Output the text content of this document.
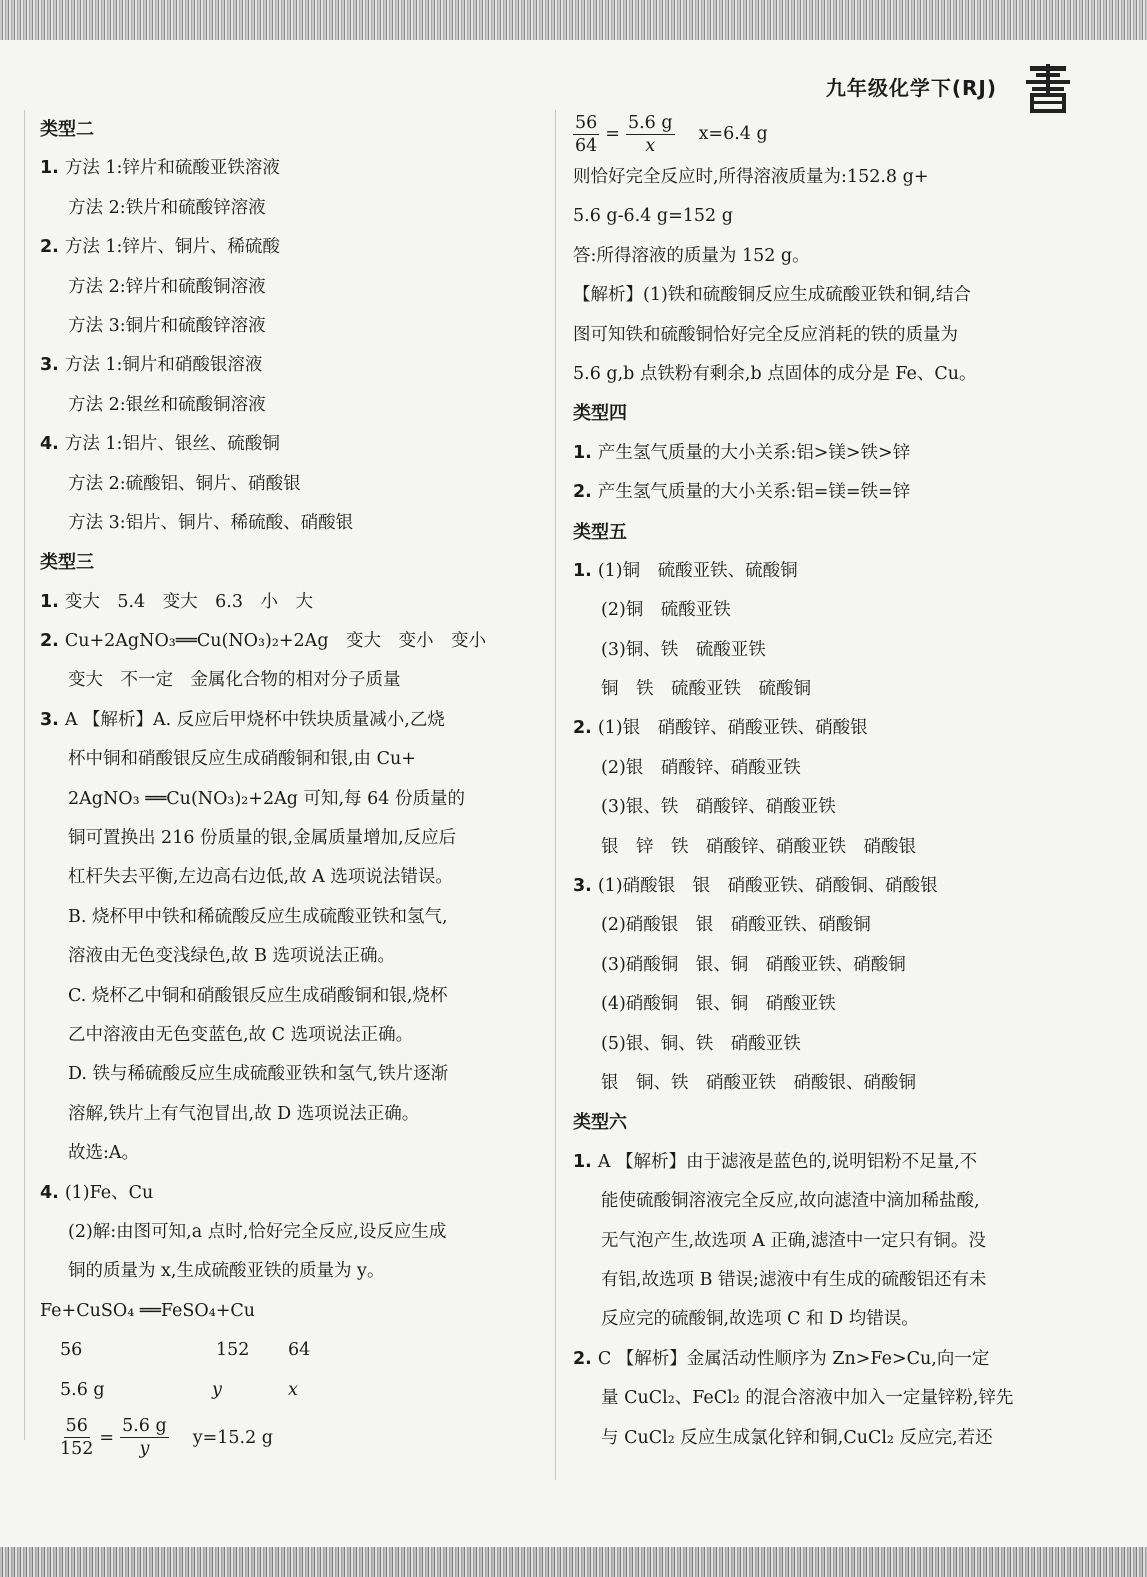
九年级化学下(RJ)
类型二
1. 方法 1:锌片和硫酸亚铁溶液
方法 2:铁片和硫酸锌溶液
2. 方法 1:锌片、铜片、稀硫酸
方法 2:锌片和硫酸铜溶液
方法 3:铜片和硫酸锌溶液
3. 方法 1:铜片和硝酸银溶液
方法 2:银丝和硫酸铜溶液
4. 方法 1:铝片、银丝、硫酸铜
方法 2:硫酸铝、铜片、硝酸银
方法 3:铝片、铜片、稀硫酸、硝酸银
类型三
1. 变大　5.4　变大　6.3　小　大
2. Cu+2AgNO₃══Cu(NO₃)₂+2Ag　变大　变小　变小
变大　不一定　金属化合物的相对分子质量
3. A 【解析】A. 反应后甲烧杯中铁块质量减小,乙烧
杯中铜和硝酸银反应生成硝酸铜和银,由 Cu+
2AgNO₃ ══Cu(NO₃)₂+2Ag 可知,每 64 份质量的
铜可置换出 216 份质量的银,金属质量增加,反应后
杠杆失去平衡,左边高右边低,故 A 选项说法错误。
B. 烧杯甲中铁和稀硫酸反应生成硫酸亚铁和氢气,
溶液由无色变浅绿色,故 B 选项说法正确。
C. 烧杯乙中铜和硝酸银反应生成硝酸铜和银,烧杯
乙中溶液由无色变蓝色,故 C 选项说法正确。
D. 铁与稀硫酸反应生成硫酸亚铁和氢气,铁片逐渐
溶解,铁片上有气泡冒出,故 D 选项说法正确。
故选:A。
4. (1)Fe、Cu
(2)解:由图可知,a 点时,恰好完全反应,设反应生成
铜的质量为 x,生成硫酸亚铁的质量为 y。
Fe+CuSO₄ ══FeSO₄+Cu
56	152 64
5.6 g	y	x
$\frac{56}{152} = \frac{5.6 g}{y} y=15.2$ g
$\frac{56}{64} = \frac{5.6 g}{x} x=6.4$ g
则恰好完全反应时,所得溶液质量为:152.8 g+
5.6 g-6.4 g=152 g
答:所得溶液的质量为 152 g。
【解析】(1)铁和硫酸铜反应生成硫酸亚铁和铜,结合
图可知铁和硫酸铜恰好完全反应消耗的铁的质量为
5.6 g,b 点铁粉有剩余,b 点固体的成分是 Fe、Cu。
类型四
1. 产生氢气质量的大小关系:铝>镁>铁>锌
2. 产生氢气质量的大小关系:铝=镁=铁=锌
类型五
1. (1)铜　硫酸亚铁、硫酸铜
(2)铜　硫酸亚铁
(3)铜、铁　硫酸亚铁
铜　铁　硫酸亚铁　硫酸铜
2. (1)银　硝酸锌、硝酸亚铁、硝酸银
(2)银　硝酸锌、硝酸亚铁
(3)银、铁　硝酸锌、硝酸亚铁
银　锌　铁　硝酸锌、硝酸亚铁　硝酸银
3. (1)硝酸银　银　硝酸亚铁、硝酸铜、硝酸银
(2)硝酸银　银　硝酸亚铁、硝酸铜
(3)硝酸铜　银、铜　硝酸亚铁、硝酸铜
(4)硝酸铜　银、铜　硝酸亚铁
(5)银、铜、铁　硝酸亚铁
银　铜、铁　硝酸亚铁　硝酸银、硝酸铜
类型六
1. A 【解析】由于滤液是蓝色的,说明铝粉不足量,不
能使硫酸铜溶液完全反应,故向滤渣中滴加稀盐酸,
无气泡产生,故选项 A 正确,滤渣中一定只有铜。没
有铝,故选项 B 错误;滤液中有生成的硫酸铝还有未
反应完的硫酸铜,故选项 C 和 D 均错误。
2. C 【解析】金属活动性顺序为 Zn>Fe>Cu,向一定
量 CuCl₂、FeCl₂ 的混合溶液中加入一定量锌粉,锌先
与 CuCl₂ 反应生成氯化锌和铜,CuCl₂ 反应完,若还
